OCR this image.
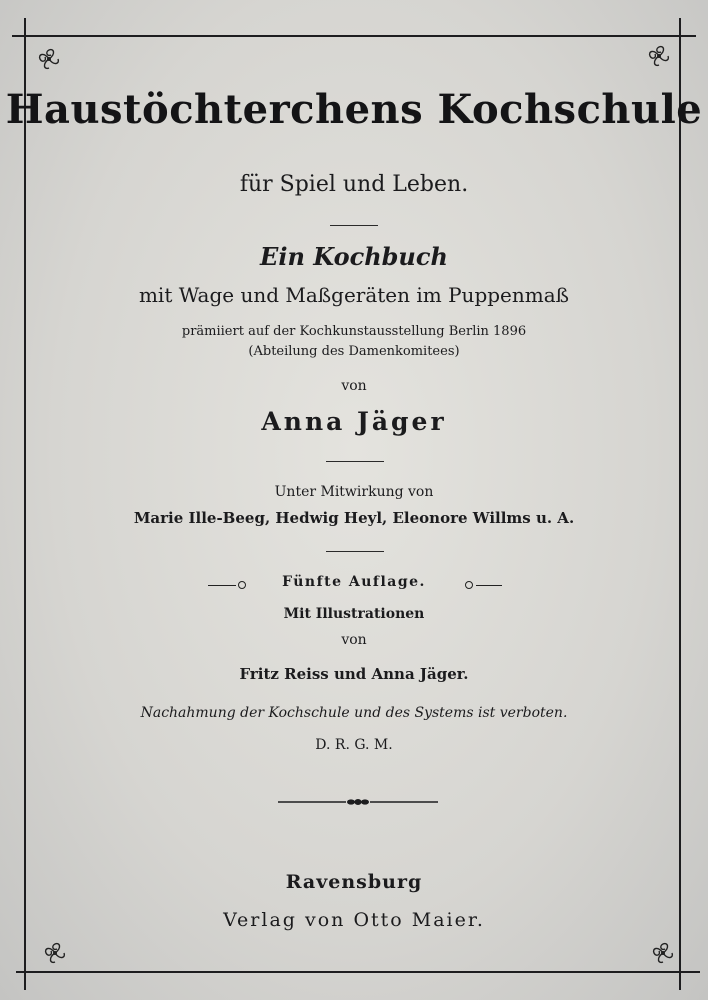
Haustöchterchens Kochschule
für Spiel und Leben.
Ein Kochbuch
mit Wage und Maßgeräten im Puppenmaß
prämiiert auf der Kochkunstausstellung Berlin 1896
(Abteilung des Damenkomitees)
von
Anna Jäger
Unter Mitwirkung von
Marie Ille-Beeg, Hedwig Heyl, Eleonore Willms u. A.
Fünfte Auflage.
Mit Illustrationen
von
Fritz Reiss und Anna Jäger.
Nachahmung der Kochschule und des Systems ist verboten.
D. R. G. M.
Ravensburg
Verlag von Otto Maier.
